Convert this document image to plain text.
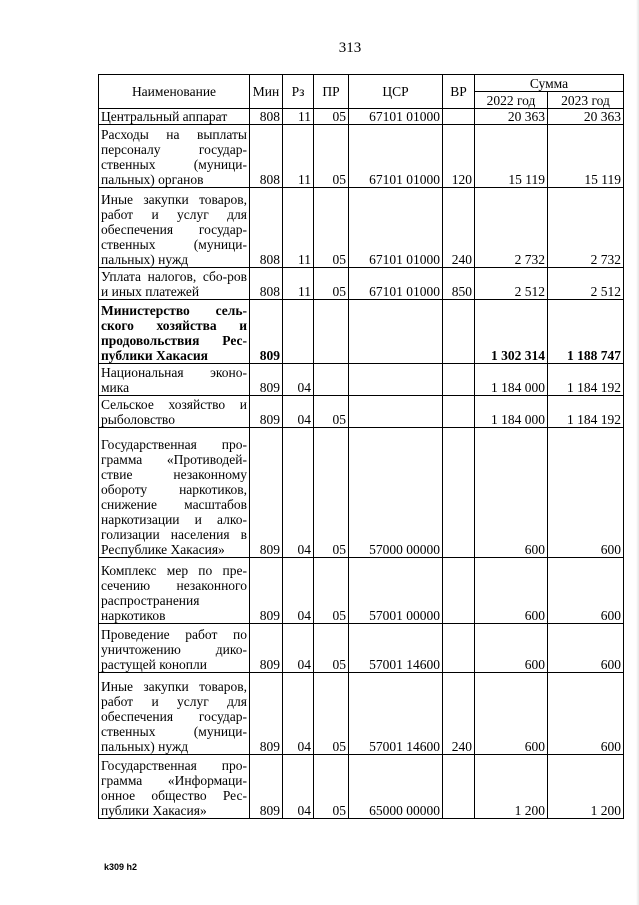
313
Наименование	Мин	Рз	ПР	ЦСР	ВР	Сумма	
						2022 год	2023 год
Центральный аппарат	808	11	05	67101 01000		20 363	20 363
Расходы на выплаты персоналу государ-ственных (муници-пальных) органов	808	11	05	67101 01000	120	15 119	15 119
Иные закупки товаров, работ и услуг для обеспечения государ-ственных (муници-пальных) нужд	808	11	05	67101 01000	240	2 732	2 732
Уплата налогов, сбо-ров и иных платежей	808	11	05	67101 01000	850	2 512	2 512
Министерство сель-ского хозяйства и продовольствия Рес-публики Хакасия	809					1 302 314	1 188 747
Национальная эконо-мика	809	04				1 184 000	1 184 192
Сельское хозяйство и рыболовство	809	04	05			1 184 000	1 184 192
Государственная про-грамма «Противодей-ствие незаконному обороту наркотиков, снижение масштабов наркотизации и алко-голизации населения в Республике Хакасия»	809	04	05	57000 00000		600	600
Комплекс мер по пре-сечению незаконного распространения наркотиков	809	04	05	57001 00000		600	600
Проведение работ по уничтожению дико-растущей конопли	809	04	05	57001 14600		600	600
Иные закупки товаров, работ и услуг для обеспечения государ-ственных (муници-пальных) нужд	809	04	05	57001 14600	240	600	600
Государственная про-грамма «Информаци-онное общество Рес-публики Хакасия»	809	04	05	65000 00000		1 200	1 200
k309 h2
